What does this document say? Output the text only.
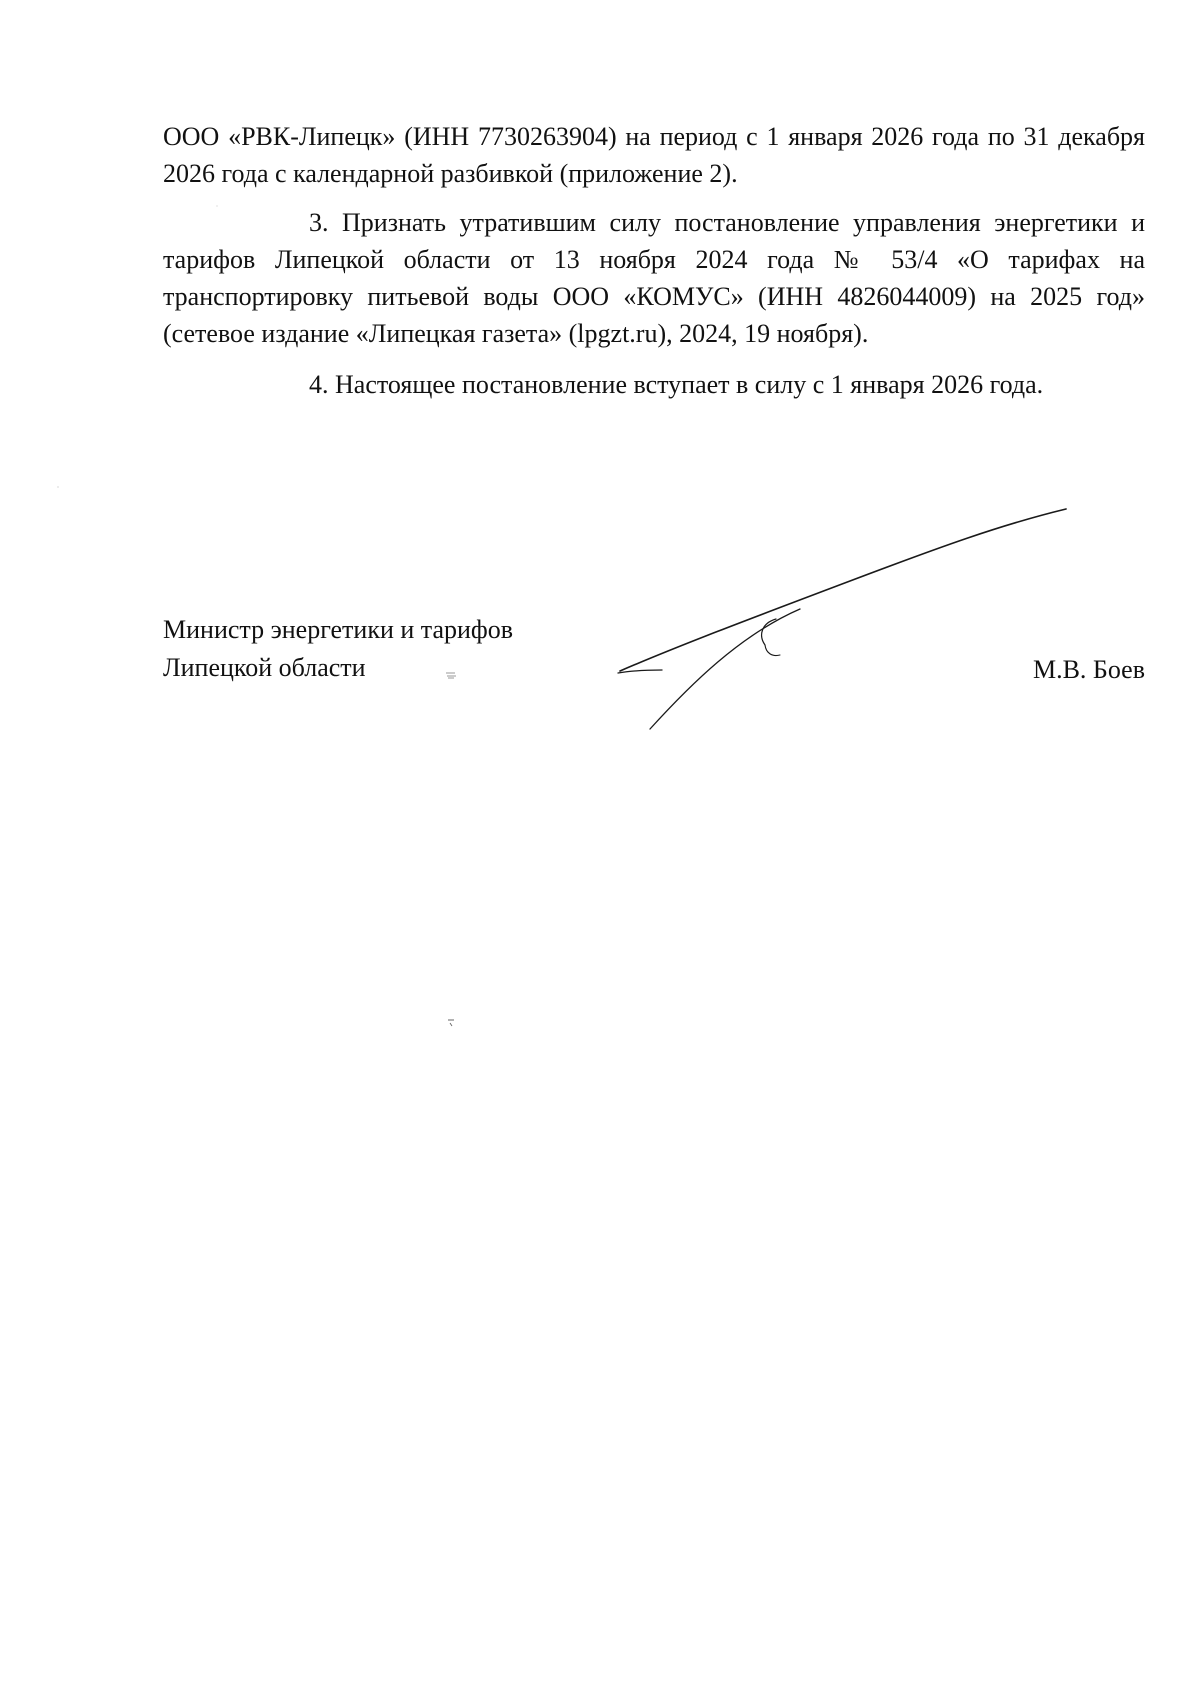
ООО «РВК-Липецк» (ИНН 7730263904) на период с 1 января 2026 года по 31 декабря 2026 года с календарной разбивкой (приложение 2).

3. Признать утратившим силу постановление управления энергетики и тарифов Липецкой области от 13 ноября 2024 года № 53/4 «О тарифах на транспортировку питьевой воды ООО «КОМУС» (ИНН 4826044009) на 2025 год» (сетевое издание «Липецкая газета» (lpgzt.ru), 2024, 19 ноября).

4. Настоящее постановление вступает в силу с 1 января 2026 года.

Министр энергетики и тарифов
Липецкой области	М.В. Боев
